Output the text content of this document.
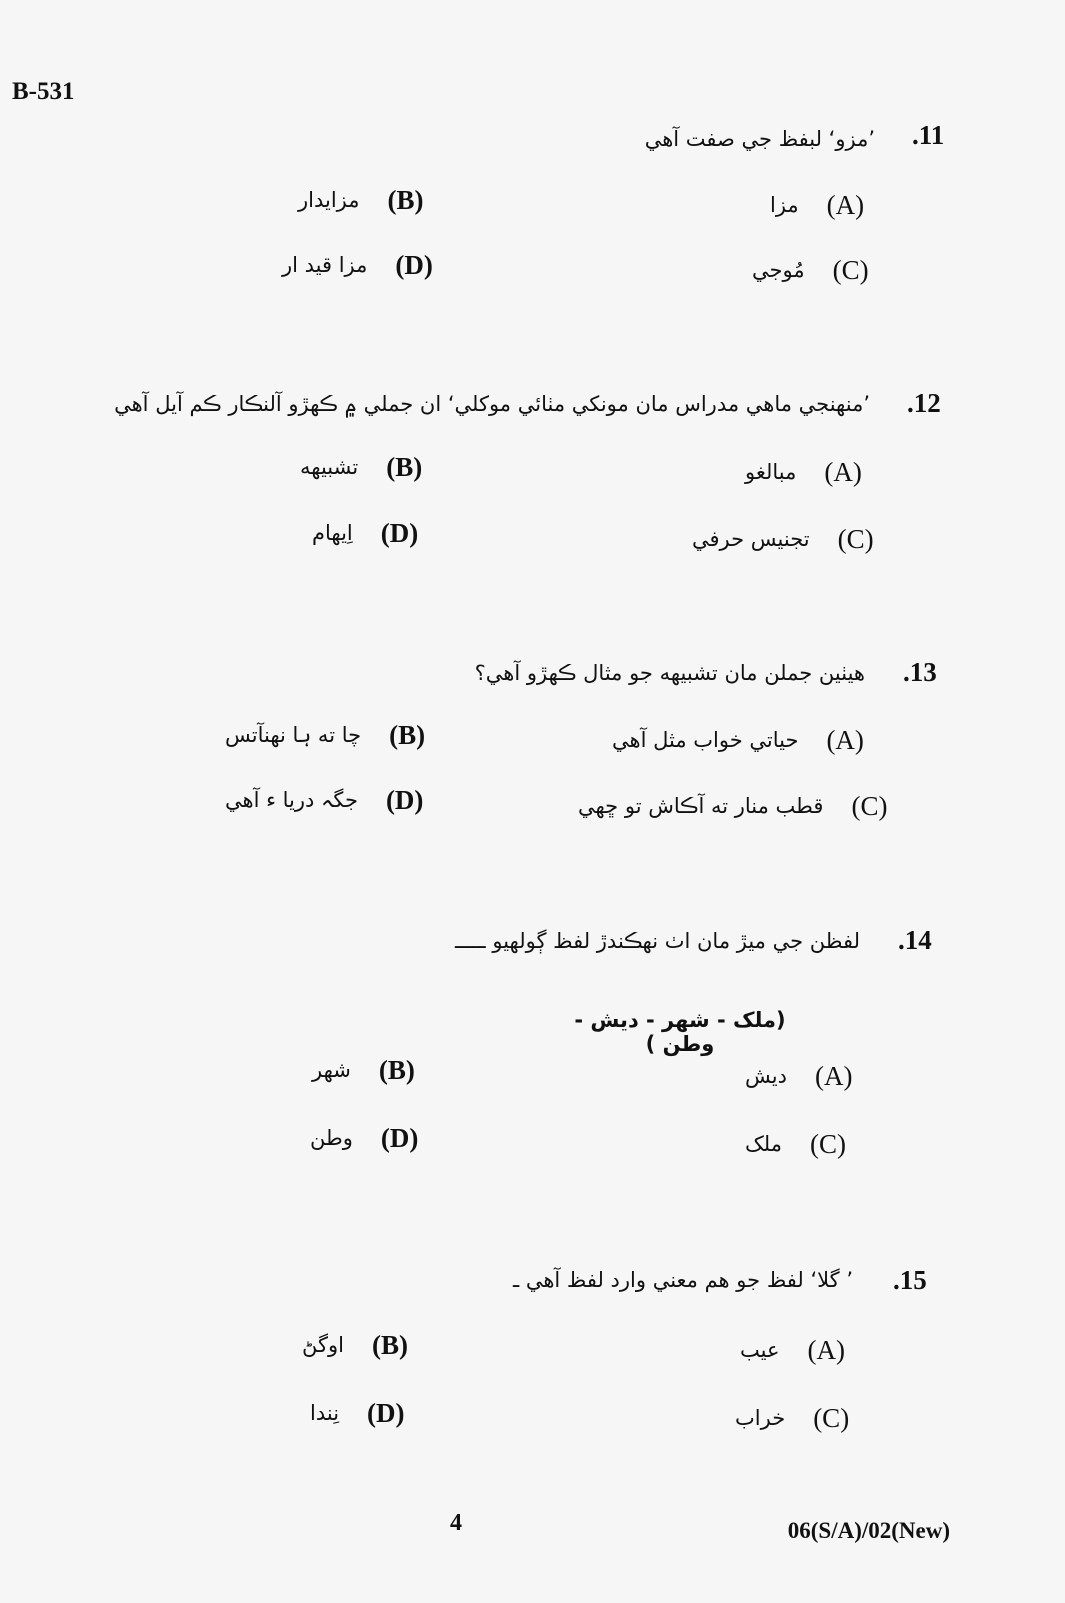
B-531
.11
’مزو‘ لبفظ جي صفت آهي
مزايدار (B)	مزا (A)
مزا قيد ار (D)	مُوجي (C)
.12
’منهنجي ماهي مدراس مان مونکي مٺائي موکلي‘ ان جملي ۾ ڪھڙو آلنڪار ڪم آيل آهي
تشبيهه (B)	مبالغو (A)
اِيهام (D)	تجنيس حرفي (C)
.13
هيٺين جملن مان تشبيهه جو مثال ڪھڙو آهي؟
چا ته ہا نهنآتس (B)	حياتي خواب مثل آهي (A)
جگہ دريا ء آهي (D)	قطب منار ته آڪاش تو ڇهي (C)
.14
لفظن جي ميڙ مان اٺ نهڪندڙ لفظ ڳولهيو ـــــ
(ملک - شهر - ديش - وطن )
شهر (B)	ديش (A)
وطن (D)	ملک (C)
.15
’ گلا‘ لفظ جو هم معني وارد لفظ آهي ـ
اوگڻ (B)	عيب (A)
نِندا (D)	خراب (C)
4	06(S/A)/02(New)
